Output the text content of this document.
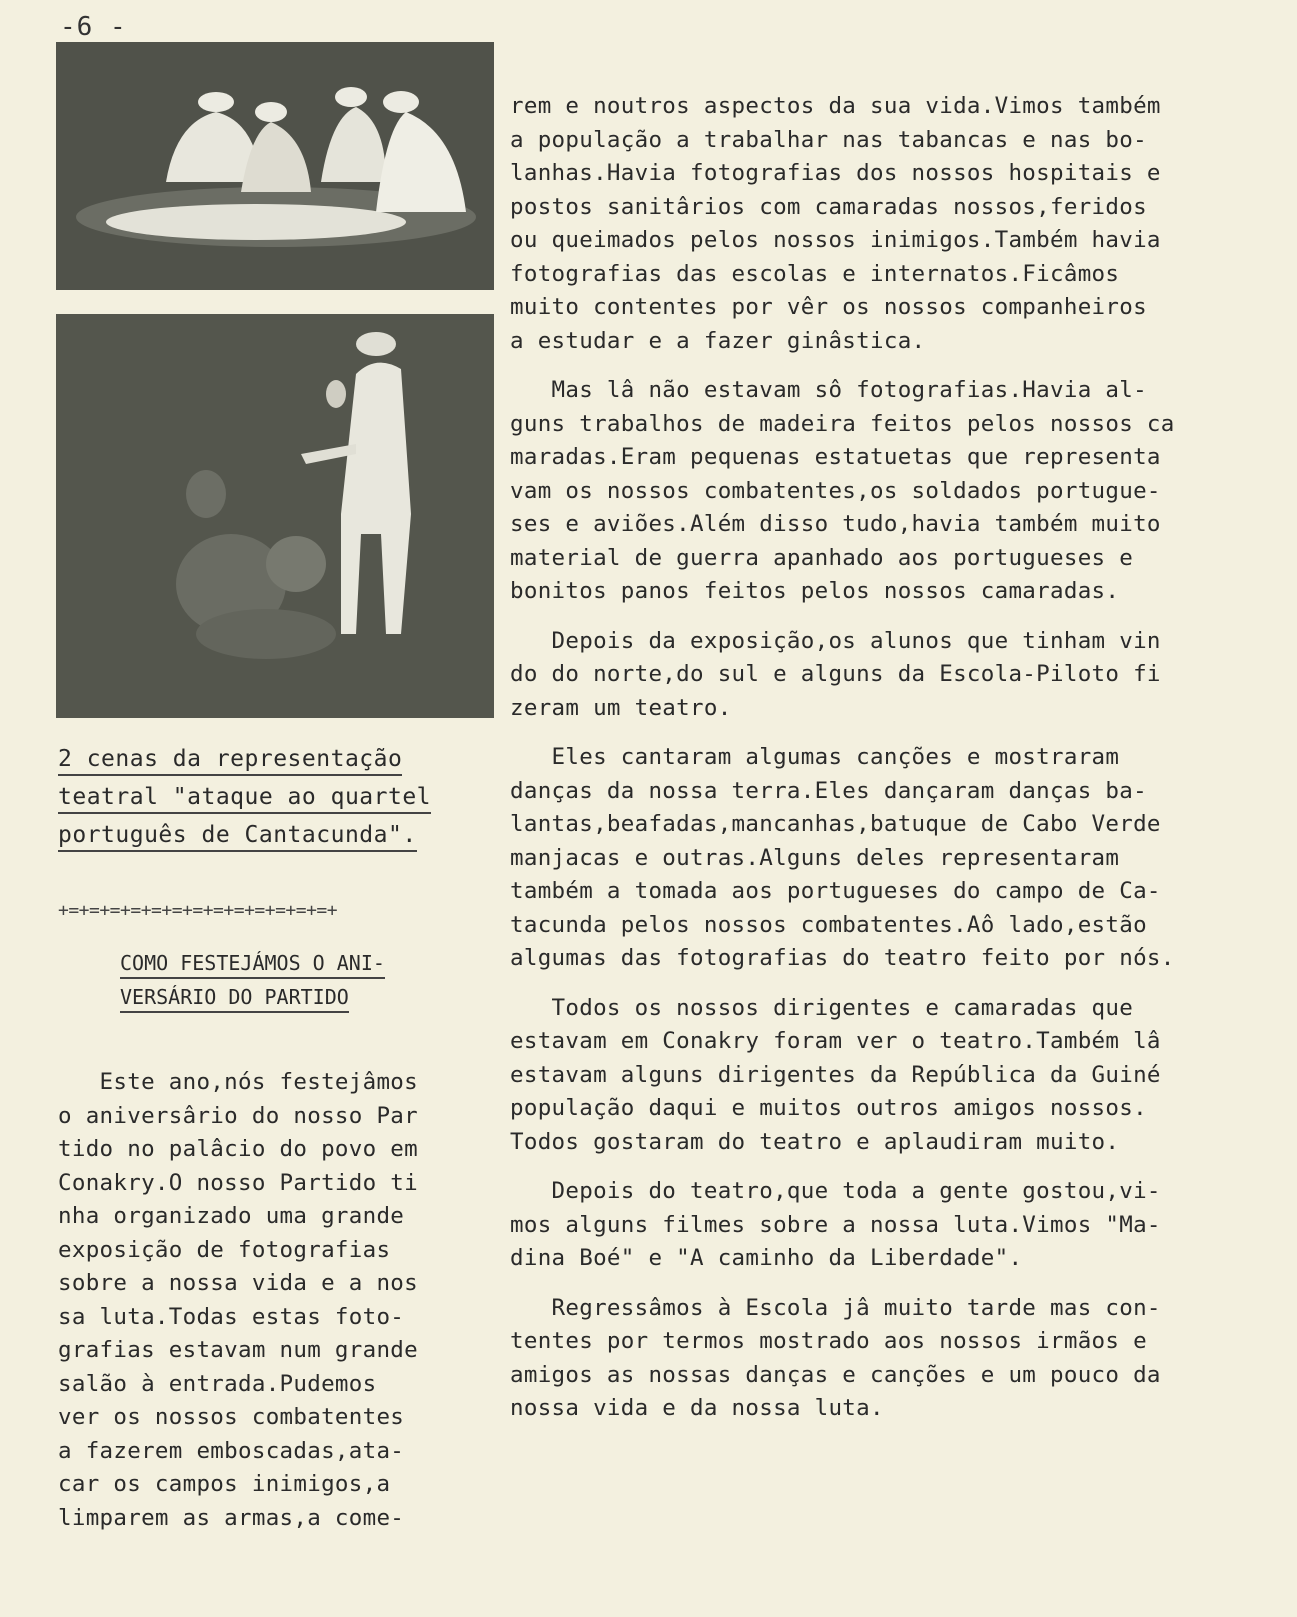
-6 -
2 cenas da representação
teatral "ataque ao quartel
português de Cantacunda".
+=+=+=+=+=+=+=+=+=+=+=+=+=+
COMO FESTEJÁMOS O ANI-
VERSÁRIO DO PARTIDO
Este ano,nós festejâmos
o aniversârio do nosso Par
tido no palâcio do povo em
Conakry.O nosso Partido ti
nha organizado uma grande
exposição de fotografias
sobre a nossa vida e a nos
sa luta.Todas estas foto-
grafias estavam num grande
salão à entrada.Pudemos
ver os nossos combatentes
a fazerem emboscadas,ata-
car os campos inimigos,a
limparem as armas,a come-
rem e noutros aspectos da sua vida.Vimos também
a população a trabalhar nas tabancas e nas bo-
lanhas.Havia fotografias dos nossos hospitais e
postos sanitârios com camaradas nossos,feridos
ou queimados pelos nossos inimigos.Também havia
fotografias das escolas e internatos.Ficâmos
muito contentes por vêr os nossos companheiros
a estudar e a fazer ginâstica.
Mas lâ não estavam sô fotografias.Havia al-
guns trabalhos de madeira feitos pelos nossos ca
maradas.Eram pequenas estatuetas que representa
vam os nossos combatentes,os soldados portugue-
ses e aviões.Além disso tudo,havia também muito
material de guerra apanhado aos portugueses e
bonitos panos feitos pelos nossos camaradas.
Depois da exposição,os alunos que tinham vin
do do norte,do sul e alguns da Escola-Piloto fi
zeram um teatro.
Eles cantaram algumas canções e mostraram
danças da nossa terra.Eles dançaram danças ba-
lantas,beafadas,mancanhas,batuque de Cabo Verde
manjacas e outras.Alguns deles representaram
também a tomada aos portugueses do campo de Ca-
tacunda pelos nossos combatentes.Aô lado,estão
algumas das fotografias do teatro feito por nós.
Todos os nossos dirigentes e camaradas que
estavam em Conakry foram ver o teatro.Também lâ
estavam alguns dirigentes da República da Guiné
população daqui e muitos outros amigos nossos.
Todos gostaram do teatro e aplaudiram muito.
Depois do teatro,que toda a gente gostou,vi-
mos alguns filmes sobre a nossa luta.Vimos "Ma-
dina Boé" e "A caminho da Liberdade".
Regressâmos à Escola jâ muito tarde mas con-
tentes por termos mostrado aos nossos irmãos e
amigos as nossas danças e canções e um pouco da
nossa vida e da nossa luta.
